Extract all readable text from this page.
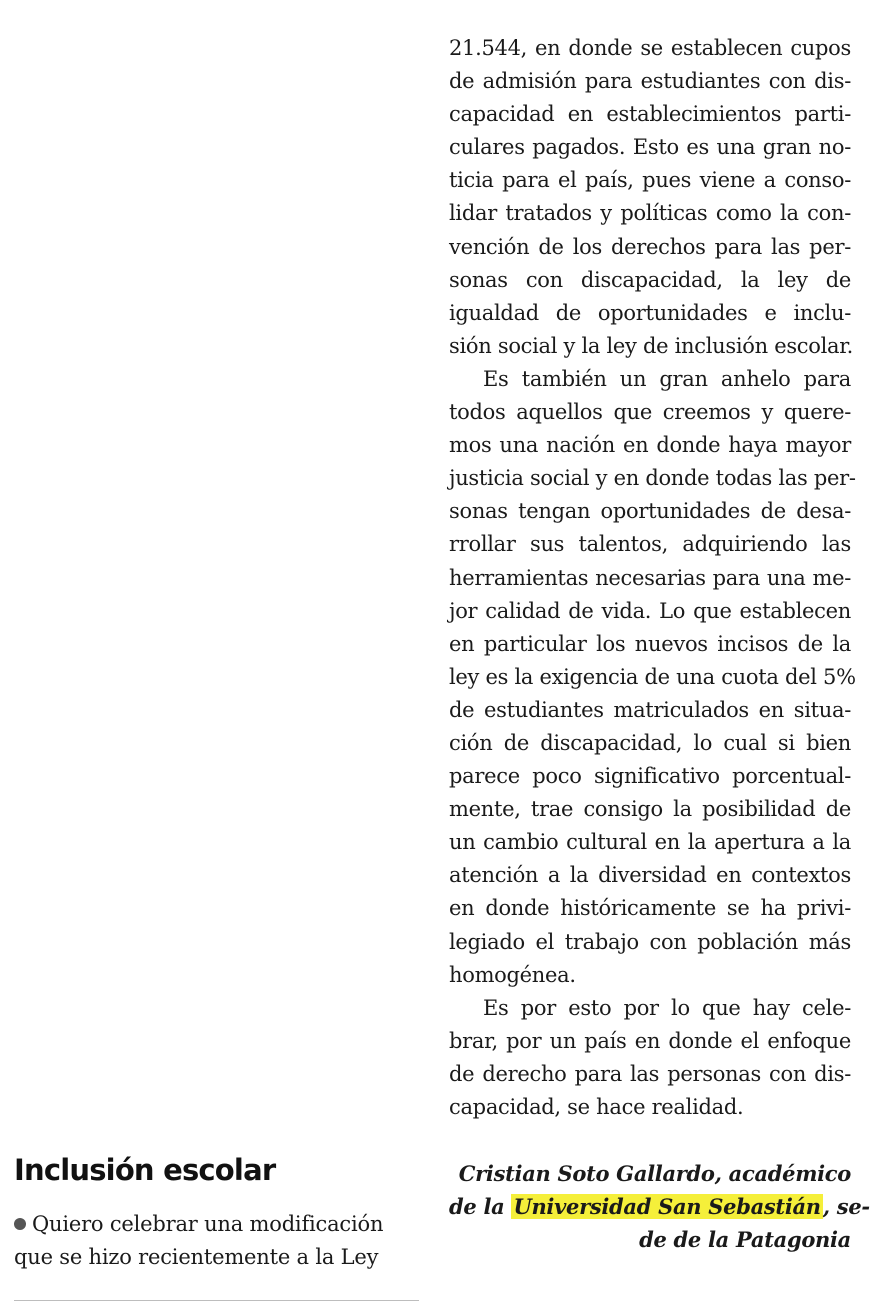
Inclusión escolar
Quiero celebrar una modificación
que se hizo recientemente a la Ley
21.544, en donde se establecen cupos
de admisión para estudiantes con dis-
capacidad en establecimientos parti-
culares pagados. Esto es una gran no-
ticia para el país, pues viene a conso-
lidar tratados y políticas como la con-
vención de los derechos para las per-
sonas con discapacidad, la ley de
igualdad de oportunidades e inclu-
sión social y la ley de inclusión escolar.
Es también un gran anhelo para
todos aquellos que creemos y quere-
mos una nación en donde haya mayor
justicia social y en donde todas las per-
sonas tengan oportunidades de desa-
rrollar sus talentos, adquiriendo las
herramientas necesarias para una me-
jor calidad de vida. Lo que establecen
en particular los nuevos incisos de la
ley es la exigencia de una cuota del 5%
de estudiantes matriculados en situa-
ción de discapacidad, lo cual si bien
parece poco significativo porcentual-
mente, trae consigo la posibilidad de
un cambio cultural en la apertura a la
atención a la diversidad en contextos
en donde históricamente se ha privi-
legiado el trabajo con población más
homogénea.
Es por esto por lo que hay cele-
brar, por un país en donde el enfoque
de derecho para las personas con dis-
capacidad, se hace realidad.
Cristian Soto Gallardo, académico
de la Universidad San Sebastián, se-
de de la Patagonia
